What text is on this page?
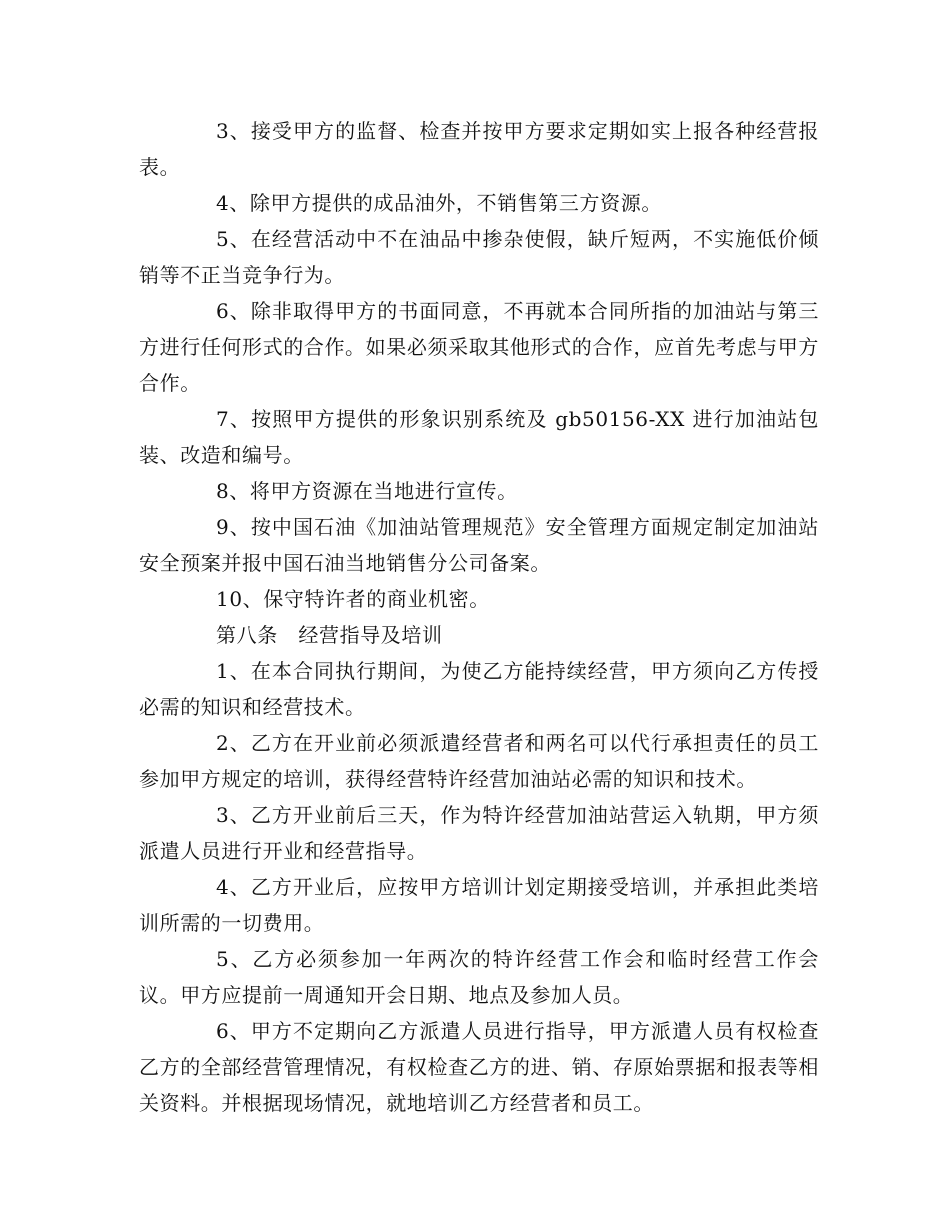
3、接受甲方的监督、检查并按甲方要求定期如实上报各种经营报表。

4、除甲方提供的成品油外，不销售第三方资源。

5、在经营活动中不在油品中掺杂使假，缺斤短两，不实施低价倾销等不正当竞争行为。

6、除非取得甲方的书面同意，不再就本合同所指的加油站与第三方进行任何形式的合作。如果必须采取其他形式的合作，应首先考虑与甲方合作。

7、按照甲方提供的形象识别系统及 gb50156-XX 进行加油站包装、改造和编号。

8、将甲方资源在当地进行宣传。

9、按中国石油《加油站管理规范》安全管理方面规定制定加油站安全预案并报中国石油当地销售分公司备案。

10、保守特许者的商业机密。

第八条　经营指导及培训

1、在本合同执行期间，为使乙方能持续经营，甲方须向乙方传授必需的知识和经营技术。

2、乙方在开业前必须派遣经营者和两名可以代行承担责任的员工参加甲方规定的培训，获得经营特许经营加油站必需的知识和技术。

3、乙方开业前后三天，作为特许经营加油站营运入轨期，甲方须派遣人员进行开业和经营指导。

4、乙方开业后，应按甲方培训计划定期接受培训，并承担此类培训所需的一切费用。

5、乙方必须参加一年两次的特许经营工作会和临时经营工作会议。甲方应提前一周通知开会日期、地点及参加人员。

6、甲方不定期向乙方派遣人员进行指导，甲方派遣人员有权检查乙方的全部经营管理情况，有权检查乙方的进、销、存原始票据和报表等相关资料。并根据现场情况，就地培训乙方经营者和员工。
